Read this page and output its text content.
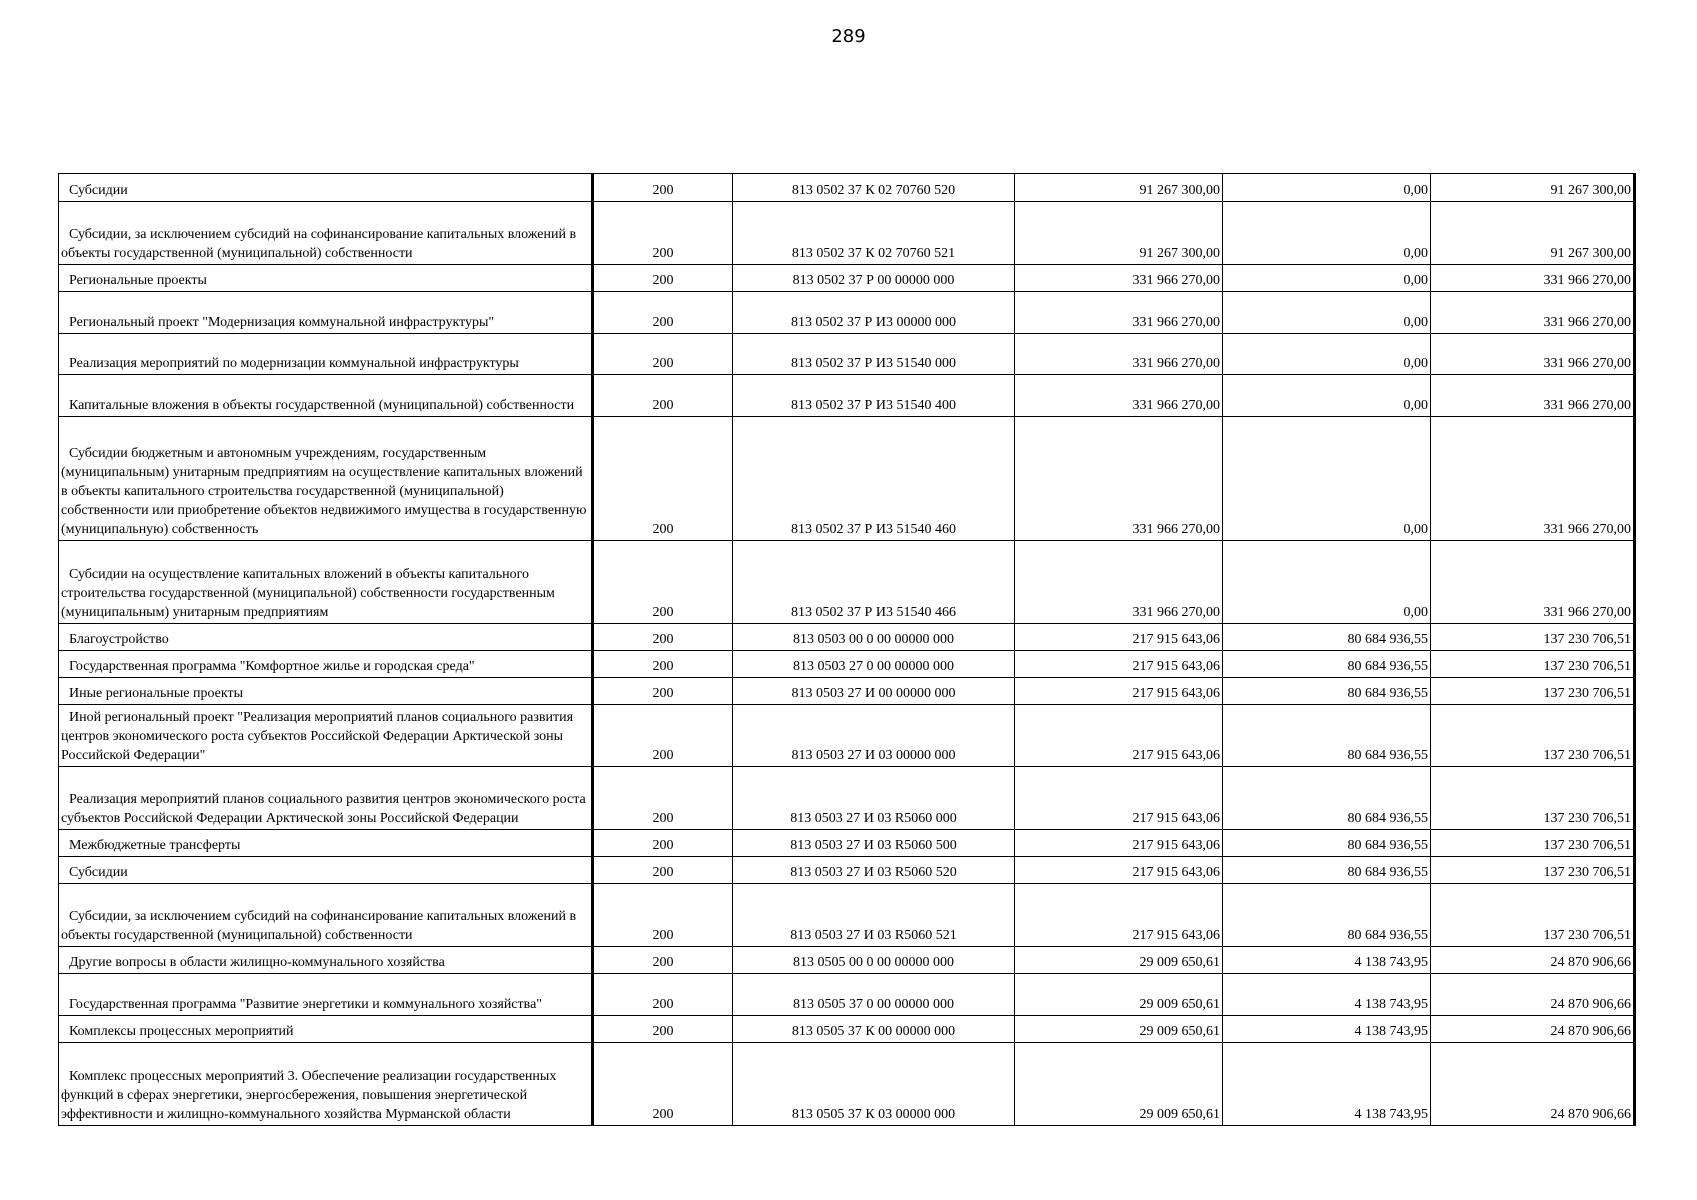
289
Субсидии	200	813 0502 37 К 02 70760 520	91 267 300,00	0,00	91 267 300,00
Субсидии, за исключением субсидий на софинансирование капитальных вложений в объекты государственной (муниципальной) собственности	200	813 0502 37 К 02 70760 521	91 267 300,00	0,00	91 267 300,00
Региональные проекты	200	813 0502 37 Р 00 00000 000	331 966 270,00	0,00	331 966 270,00
Региональный проект "Модернизация коммунальной инфраструктуры"	200	813 0502 37 Р И3 00000 000	331 966 270,00	0,00	331 966 270,00
Реализация мероприятий по модернизации коммунальной инфраструктуры	200	813 0502 37 Р И3 51540 000	331 966 270,00	0,00	331 966 270,00
Капитальные вложения в объекты государственной (муниципальной) собственности	200	813 0502 37 Р И3 51540 400	331 966 270,00	0,00	331 966 270,00
Субсидии бюджетным и автономным учреждениям, государственным (муниципальным) унитарным предприятиям на осуществление капитальных вложений в объекты капитального строительства государственной (муниципальной) собственности или приобретение объектов недвижимого имущества в государственную (муниципальную) собственность	200	813 0502 37 Р И3 51540 460	331 966 270,00	0,00	331 966 270,00
Субсидии на осуществление капитальных вложений в объекты капитального строительства государственной (муниципальной) собственности государственным (муниципальным) унитарным предприятиям	200	813 0502 37 Р И3 51540 466	331 966 270,00	0,00	331 966 270,00
Благоустройство	200	813 0503 00 0 00 00000 000	217 915 643,06	80 684 936,55	137 230 706,51
Государственная программа "Комфортное жилье и городская среда"	200	813 0503 27 0 00 00000 000	217 915 643,06	80 684 936,55	137 230 706,51
Иные региональные проекты	200	813 0503 27 И 00 00000 000	217 915 643,06	80 684 936,55	137 230 706,51
Иной региональный проект "Реализация мероприятий планов социального развития центров экономического роста субъектов Российской Федерации Арктической зоны Российской Федерации"	200	813 0503 27 И 03 00000 000	217 915 643,06	80 684 936,55	137 230 706,51
Реализация мероприятий планов социального развития центров экономического роста субъектов Российской Федерации Арктической зоны Российской Федерации	200	813 0503 27 И 03 R5060 000	217 915 643,06	80 684 936,55	137 230 706,51
Межбюджетные трансферты	200	813 0503 27 И 03 R5060 500	217 915 643,06	80 684 936,55	137 230 706,51
Субсидии	200	813 0503 27 И 03 R5060 520	217 915 643,06	80 684 936,55	137 230 706,51
Субсидии, за исключением субсидий на софинансирование капитальных вложений в объекты государственной (муниципальной) собственности	200	813 0503 27 И 03 R5060 521	217 915 643,06	80 684 936,55	137 230 706,51
Другие вопросы в области жилищно-коммунального хозяйства	200	813 0505 00 0 00 00000 000	29 009 650,61	4 138 743,95	24 870 906,66
Государственная программа "Развитие энергетики и коммунального хозяйства"	200	813 0505 37 0 00 00000 000	29 009 650,61	4 138 743,95	24 870 906,66
Комплексы процессных мероприятий	200	813 0505 37 К 00 00000 000	29 009 650,61	4 138 743,95	24 870 906,66
Комплекс процессных мероприятий 3. Обеспечение реализации государственных функций в сферах энергетики, энергосбережения, повышения энергетической эффективности и жилищно-коммунального хозяйства Мурманской области	200	813 0505 37 К 03 00000 000	29 009 650,61	4 138 743,95	24 870 906,66
